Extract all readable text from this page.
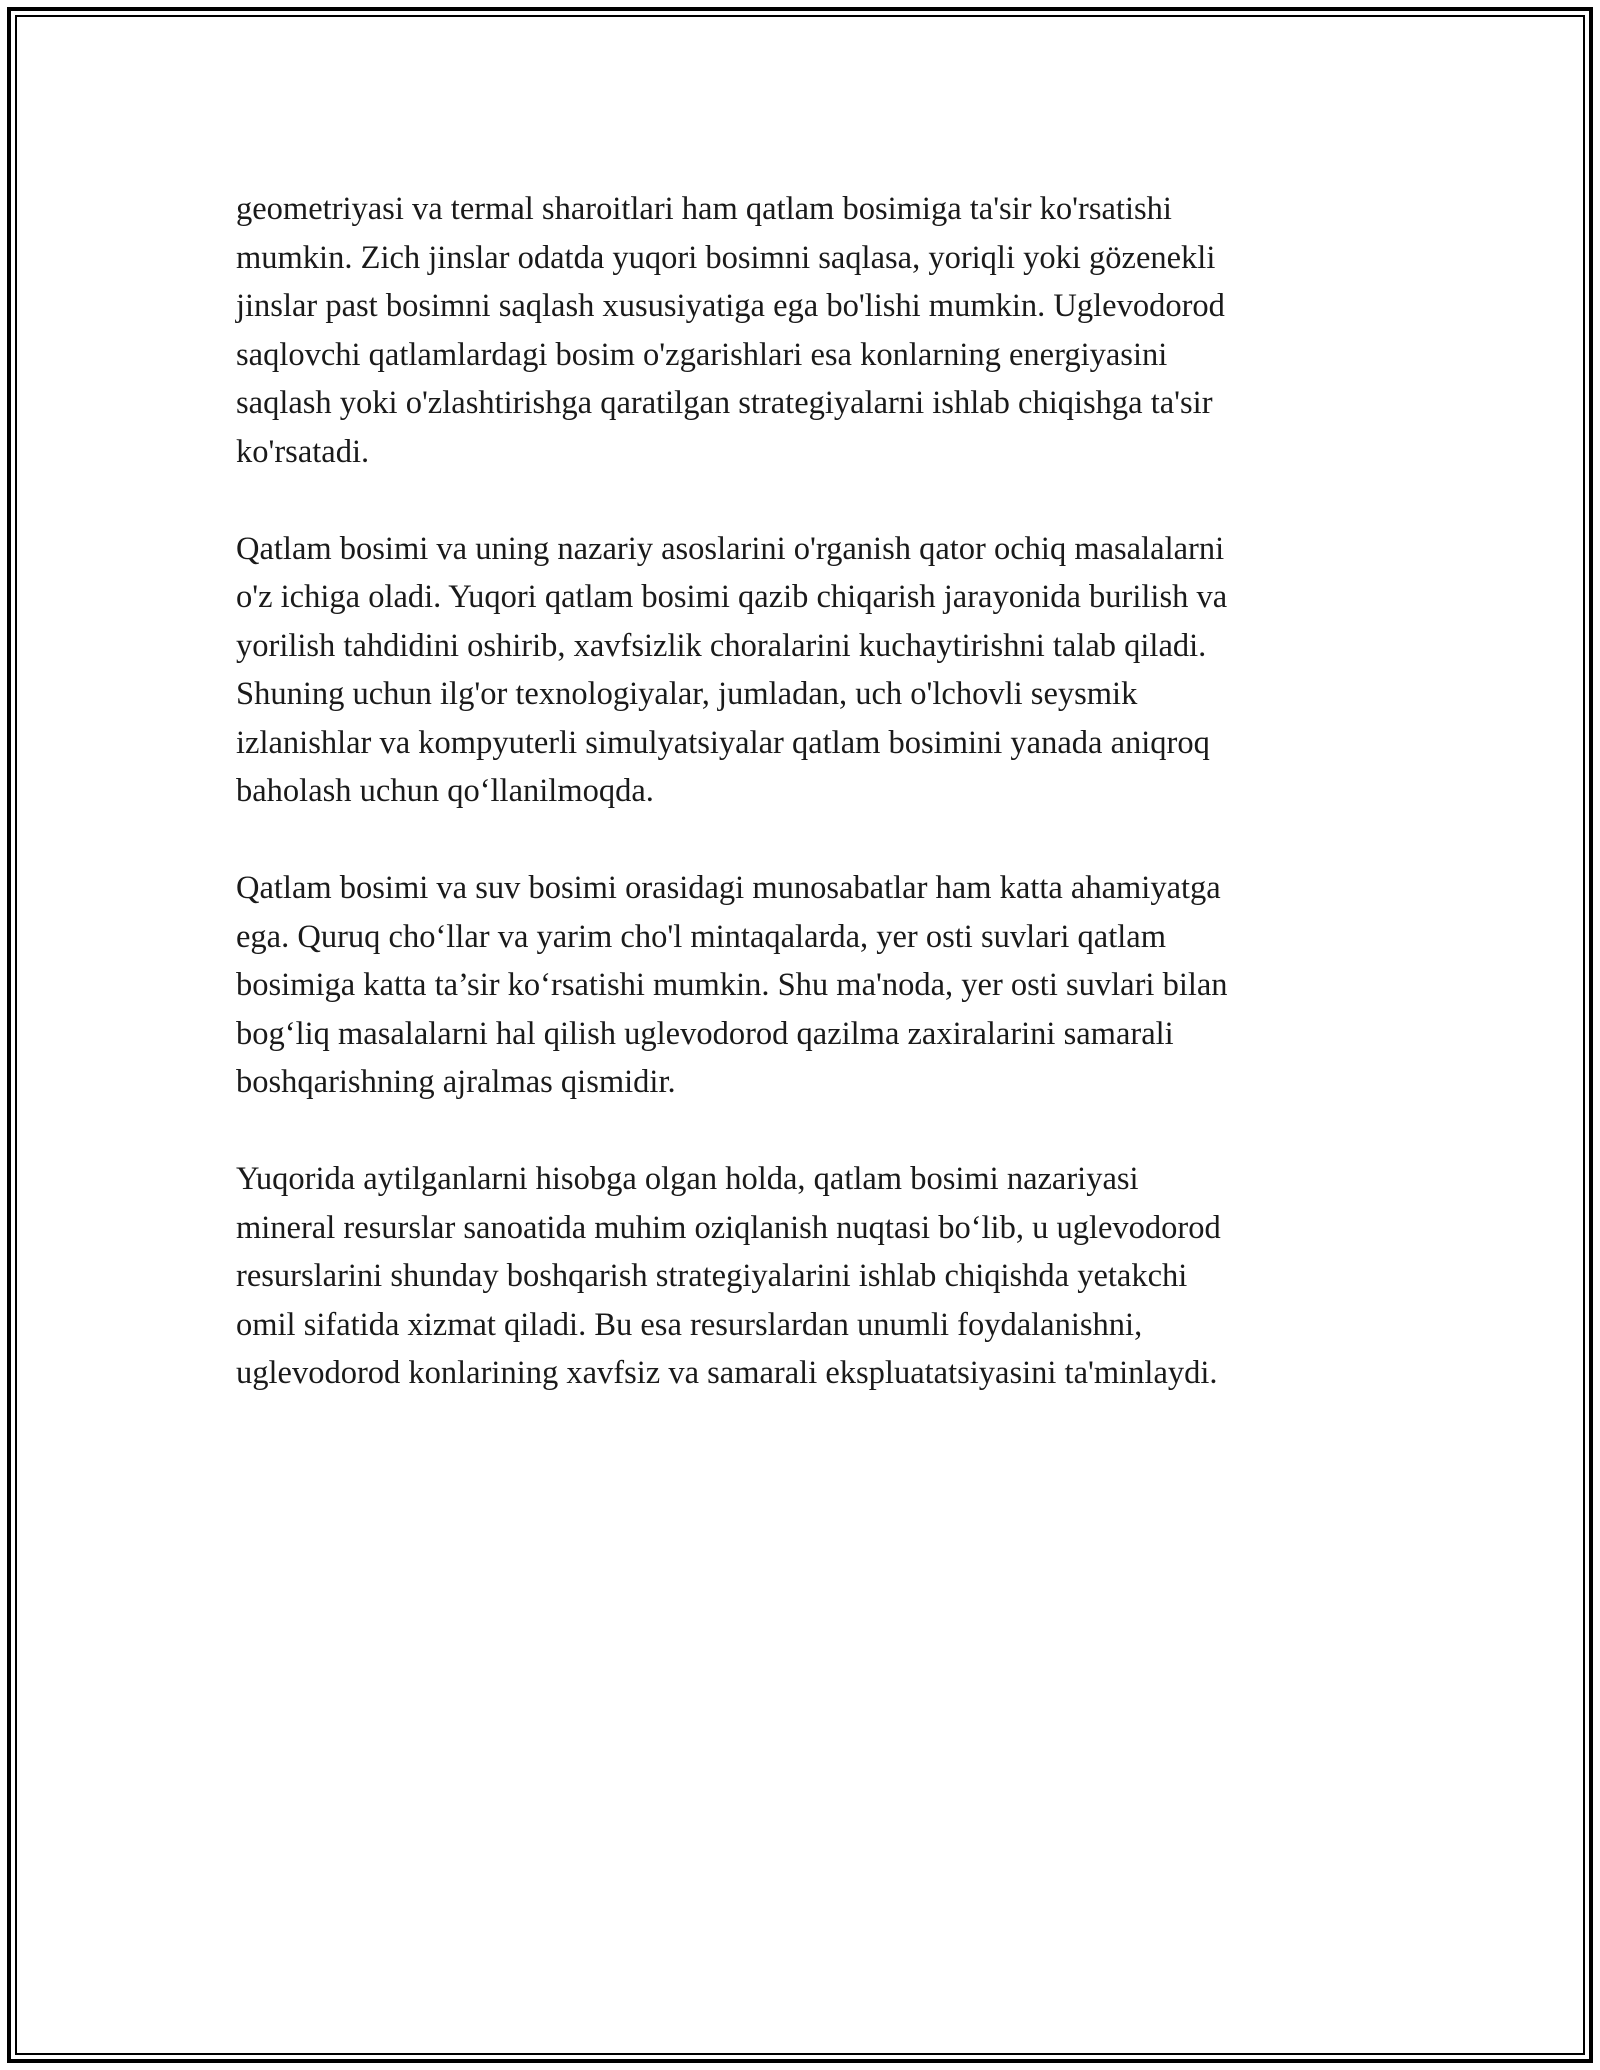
geometriyasi va termal sharoitlari ham qatlam bosimiga ta'sir ko'rsatishi
mumkin. Zich jinslar odatda yuqori bosimni saqlasa, yoriqli yoki gözenekli
jinslar past bosimni saqlash xususiyatiga ega bo'lishi mumkin. Uglevodorod
saqlovchi qatlamlardagi bosim o'zgarishlari esa konlarning energiyasini
saqlash yoki o'zlashtirishga qaratilgan strategiyalarni ishlab chiqishga ta'sir
ko'rsatadi.

Qatlam bosimi va uning nazariy asoslarini o'rganish qator ochiq masalalarni
o'z ichiga oladi. Yuqori qatlam bosimi qazib chiqarish jarayonida burilish va
yorilish tahdidini oshirib, xavfsizlik choralarini kuchaytirishni talab qiladi.
Shuning uchun ilg'or texnologiyalar, jumladan, uch o'lchovli seysmik
izlanishlar va kompyuterli simulyatsiyalar qatlam bosimini yanada aniqroq
baholash uchun qo‘llanilmoqda.

Qatlam bosimi va suv bosimi orasidagi munosabatlar ham katta ahamiyatga
ega. Quruq cho‘llar va yarim cho'l mintaqalarda, yer osti suvlari qatlam
bosimiga katta ta’sir ko‘rsatishi mumkin. Shu ma'noda, yer osti suvlari bilan
bog‘liq masalalarni hal qilish uglevodorod qazilma zaxiralarini samarali
boshqarishning ajralmas qismidir.

Yuqorida aytilganlarni hisobga olgan holda, qatlam bosimi nazariyasi
mineral resurslar sanoatida muhim oziqlanish nuqtasi bo‘lib, u uglevodorod
resurslarini shunday boshqarish strategiyalarini ishlab chiqishda yetakchi
omil sifatida xizmat qiladi. Bu esa resurslardan unumli foydalanishni,
uglevodorod konlarining xavfsiz va samarali ekspluatatsiyasini ta'minlaydi.
